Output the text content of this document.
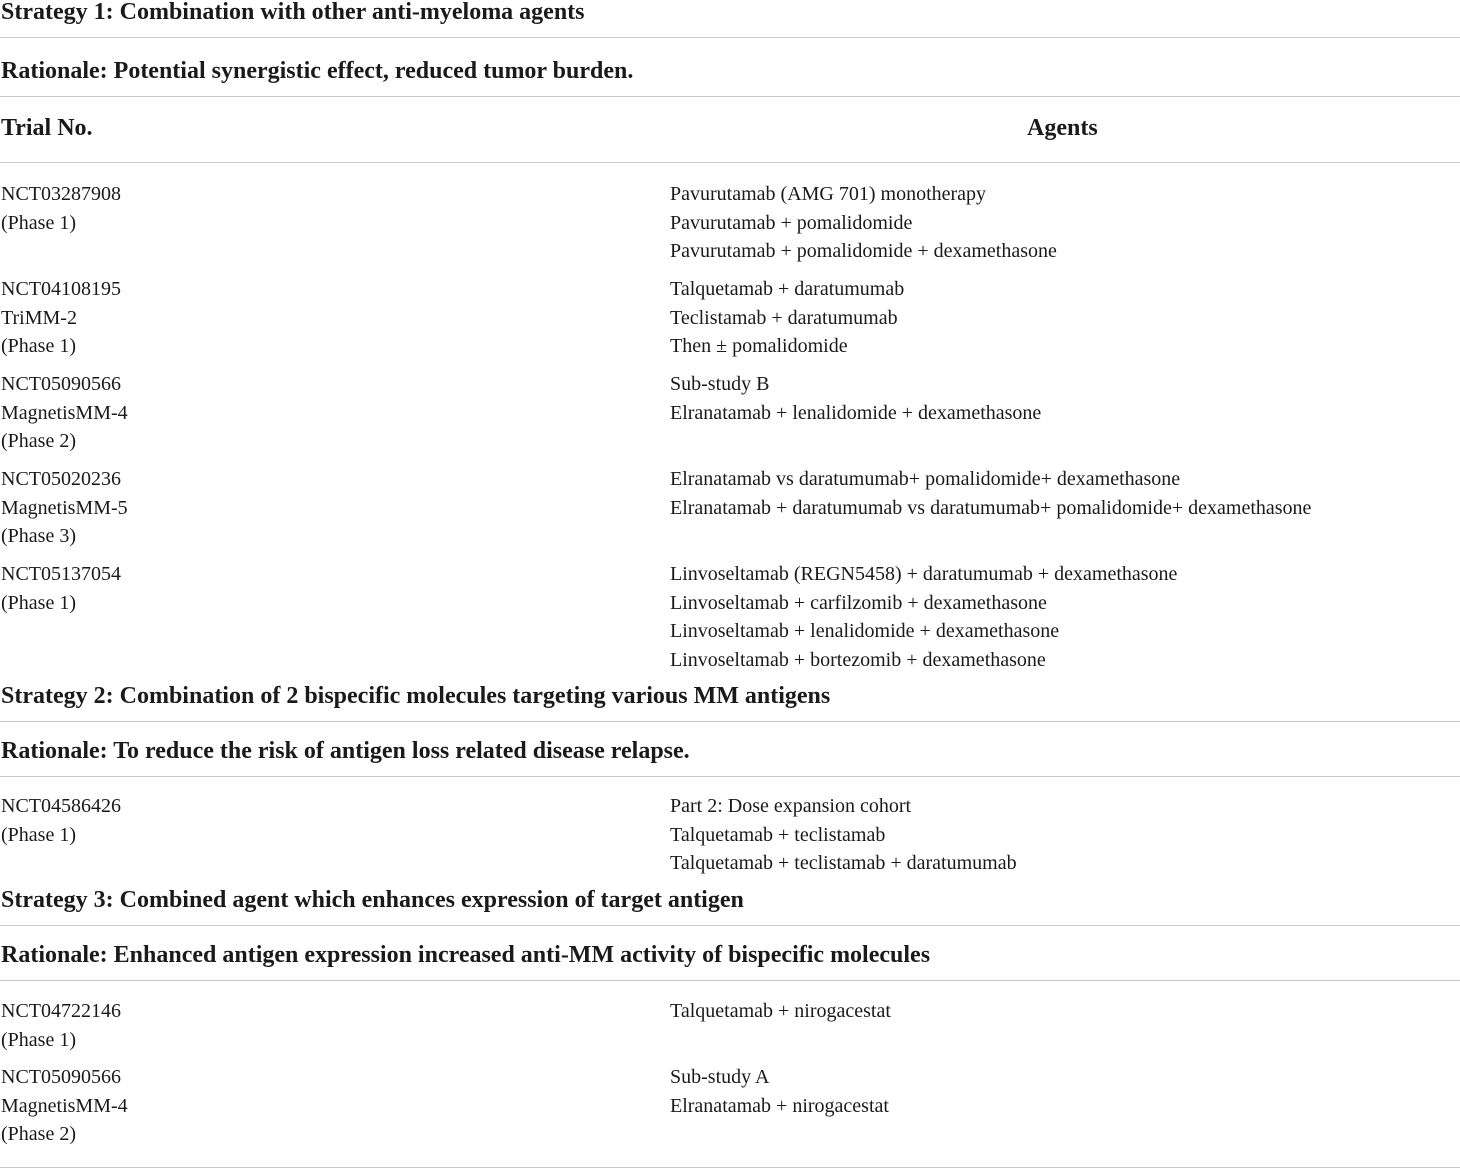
Strategy 1: Combination with other anti-myeloma agents
Rationale: Potential synergistic effect, reduced tumor burden.
Trial No.	Agents
NCT03287908
(Phase 1)
Pavurutamab (AMG 701) monotherapy
Pavurutamab + pomalidomide
Pavurutamab + pomalidomide + dexamethasone
NCT04108195
TriMM-2
(Phase 1)
Talquetamab + daratumumab
Teclistamab + daratumumab
Then ± pomalidomide
NCT05090566
MagnetisMM-4
(Phase 2)
Sub-study B
Elranatamab + lenalidomide + dexamethasone
NCT05020236
MagnetisMM-5
(Phase 3)
Elranatamab vs daratumumab+ pomalidomide+ dexamethasone
Elranatamab + daratumumab vs daratumumab+ pomalidomide+ dexamethasone
NCT05137054
(Phase 1)
Linvoseltamab (REGN5458) + daratumumab + dexamethasone
Linvoseltamab + carfilzomib + dexamethasone
Linvoseltamab + lenalidomide + dexamethasone
Linvoseltamab + bortezomib + dexamethasone
Strategy 2: Combination of 2 bispecific molecules targeting various MM antigens
Rationale: To reduce the risk of antigen loss related disease relapse.
NCT04586426
(Phase 1)
Part 2: Dose expansion cohort
Talquetamab + teclistamab
Talquetamab + teclistamab + daratumumab
Strategy 3: Combined agent which enhances expression of target antigen
Rationale: Enhanced antigen expression increased anti-MM activity of bispecific molecules
NCT04722146
(Phase 1)
Talquetamab + nirogacestat
NCT05090566
MagnetisMM-4
(Phase 2)
Sub-study A
Elranatamab + nirogacestat
